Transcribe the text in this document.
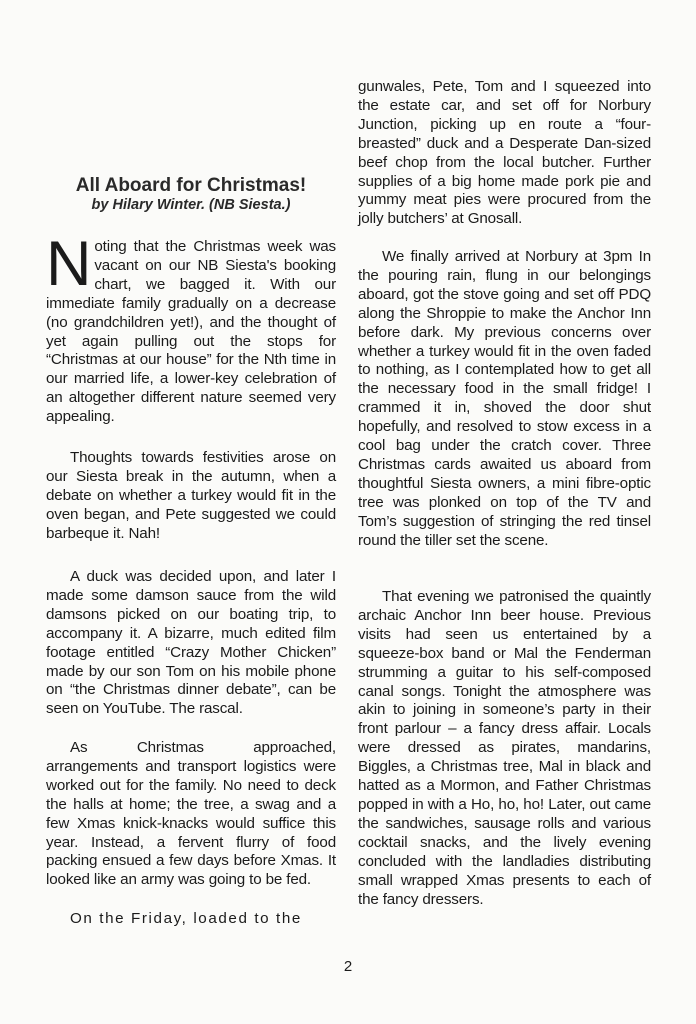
All Aboard for Christmas!
by Hilary Winter. (NB Siesta.)

Noting that the Christmas week was vacant on our NB Siesta's booking chart, we bagged it. With our immediate family gradually on a decrease (no grandchildren yet!), and the thought of yet again pulling out the stops for “Christmas at our house” for the Nth time in our married life, a lower-key celebration of an altogether different nature seemed very appealing.

Thoughts towards festivities arose on our Siesta break in the autumn, when a debate on whether a turkey would fit in the oven began, and Pete suggested we could barbeque it. Nah!

A duck was decided upon, and later I made some damson sauce from the wild damsons picked on our boating trip, to accompany it. A bizarre, much edited film footage entitled “Crazy Mother Chicken” made by our son Tom on his mobile phone on “the Christmas dinner debate”, can be seen on YouTube. The rascal.

As Christmas approached, arrangements and transport logistics were worked out for the family. No need to deck the halls at home; the tree, a swag and a few Xmas knick-knacks would suffice this year. Instead, a fervent flurry of food packing ensued a few days before Xmas. It looked like an army was going to be fed.

On the Friday, loaded to the

gunwales, Pete, Tom and I squeezed into the estate car, and set off for Norbury Junction, picking up en route a “four-breasted” duck and a Desperate Dan-sized beef chop from the local butcher. Further supplies of a big home made pork pie and yummy meat pies were procured from the jolly butchers’ at Gnosall.

We finally arrived at Norbury at 3pm In the pouring rain, flung in our belongings aboard, got the stove going and set off PDQ along the Shroppie to make the Anchor Inn before dark. My previous concerns over whether a turkey would fit in the oven faded to nothing, as I contemplated how to get all the necessary food in the small fridge! I crammed it in, shoved the door shut hopefully, and resolved to stow excess in a cool bag under the cratch cover. Three Christmas cards awaited us aboard from thoughtful Siesta owners, a mini fibre-optic tree was plonked on top of the TV and Tom’s suggestion of stringing the red tinsel round the tiller set the scene.

That evening we patronised the quaintly archaic Anchor Inn beer house. Previous visits had seen us entertained by a squeeze-box band or Mal the Fenderman strumming a guitar to his self-composed canal songs. Tonight the atmosphere was akin to joining in someone’s party in their front parlour – a fancy dress affair. Locals were dressed as pirates, mandarins, Biggles, a Christmas tree, Mal in black and hatted as a Mormon, and Father Christmas popped in with a Ho, ho, ho! Later, out came the sandwiches, sausage rolls and various cocktail snacks, and the lively evening concluded with the landladies distributing small wrapped Xmas presents to each of the fancy dressers.

2
